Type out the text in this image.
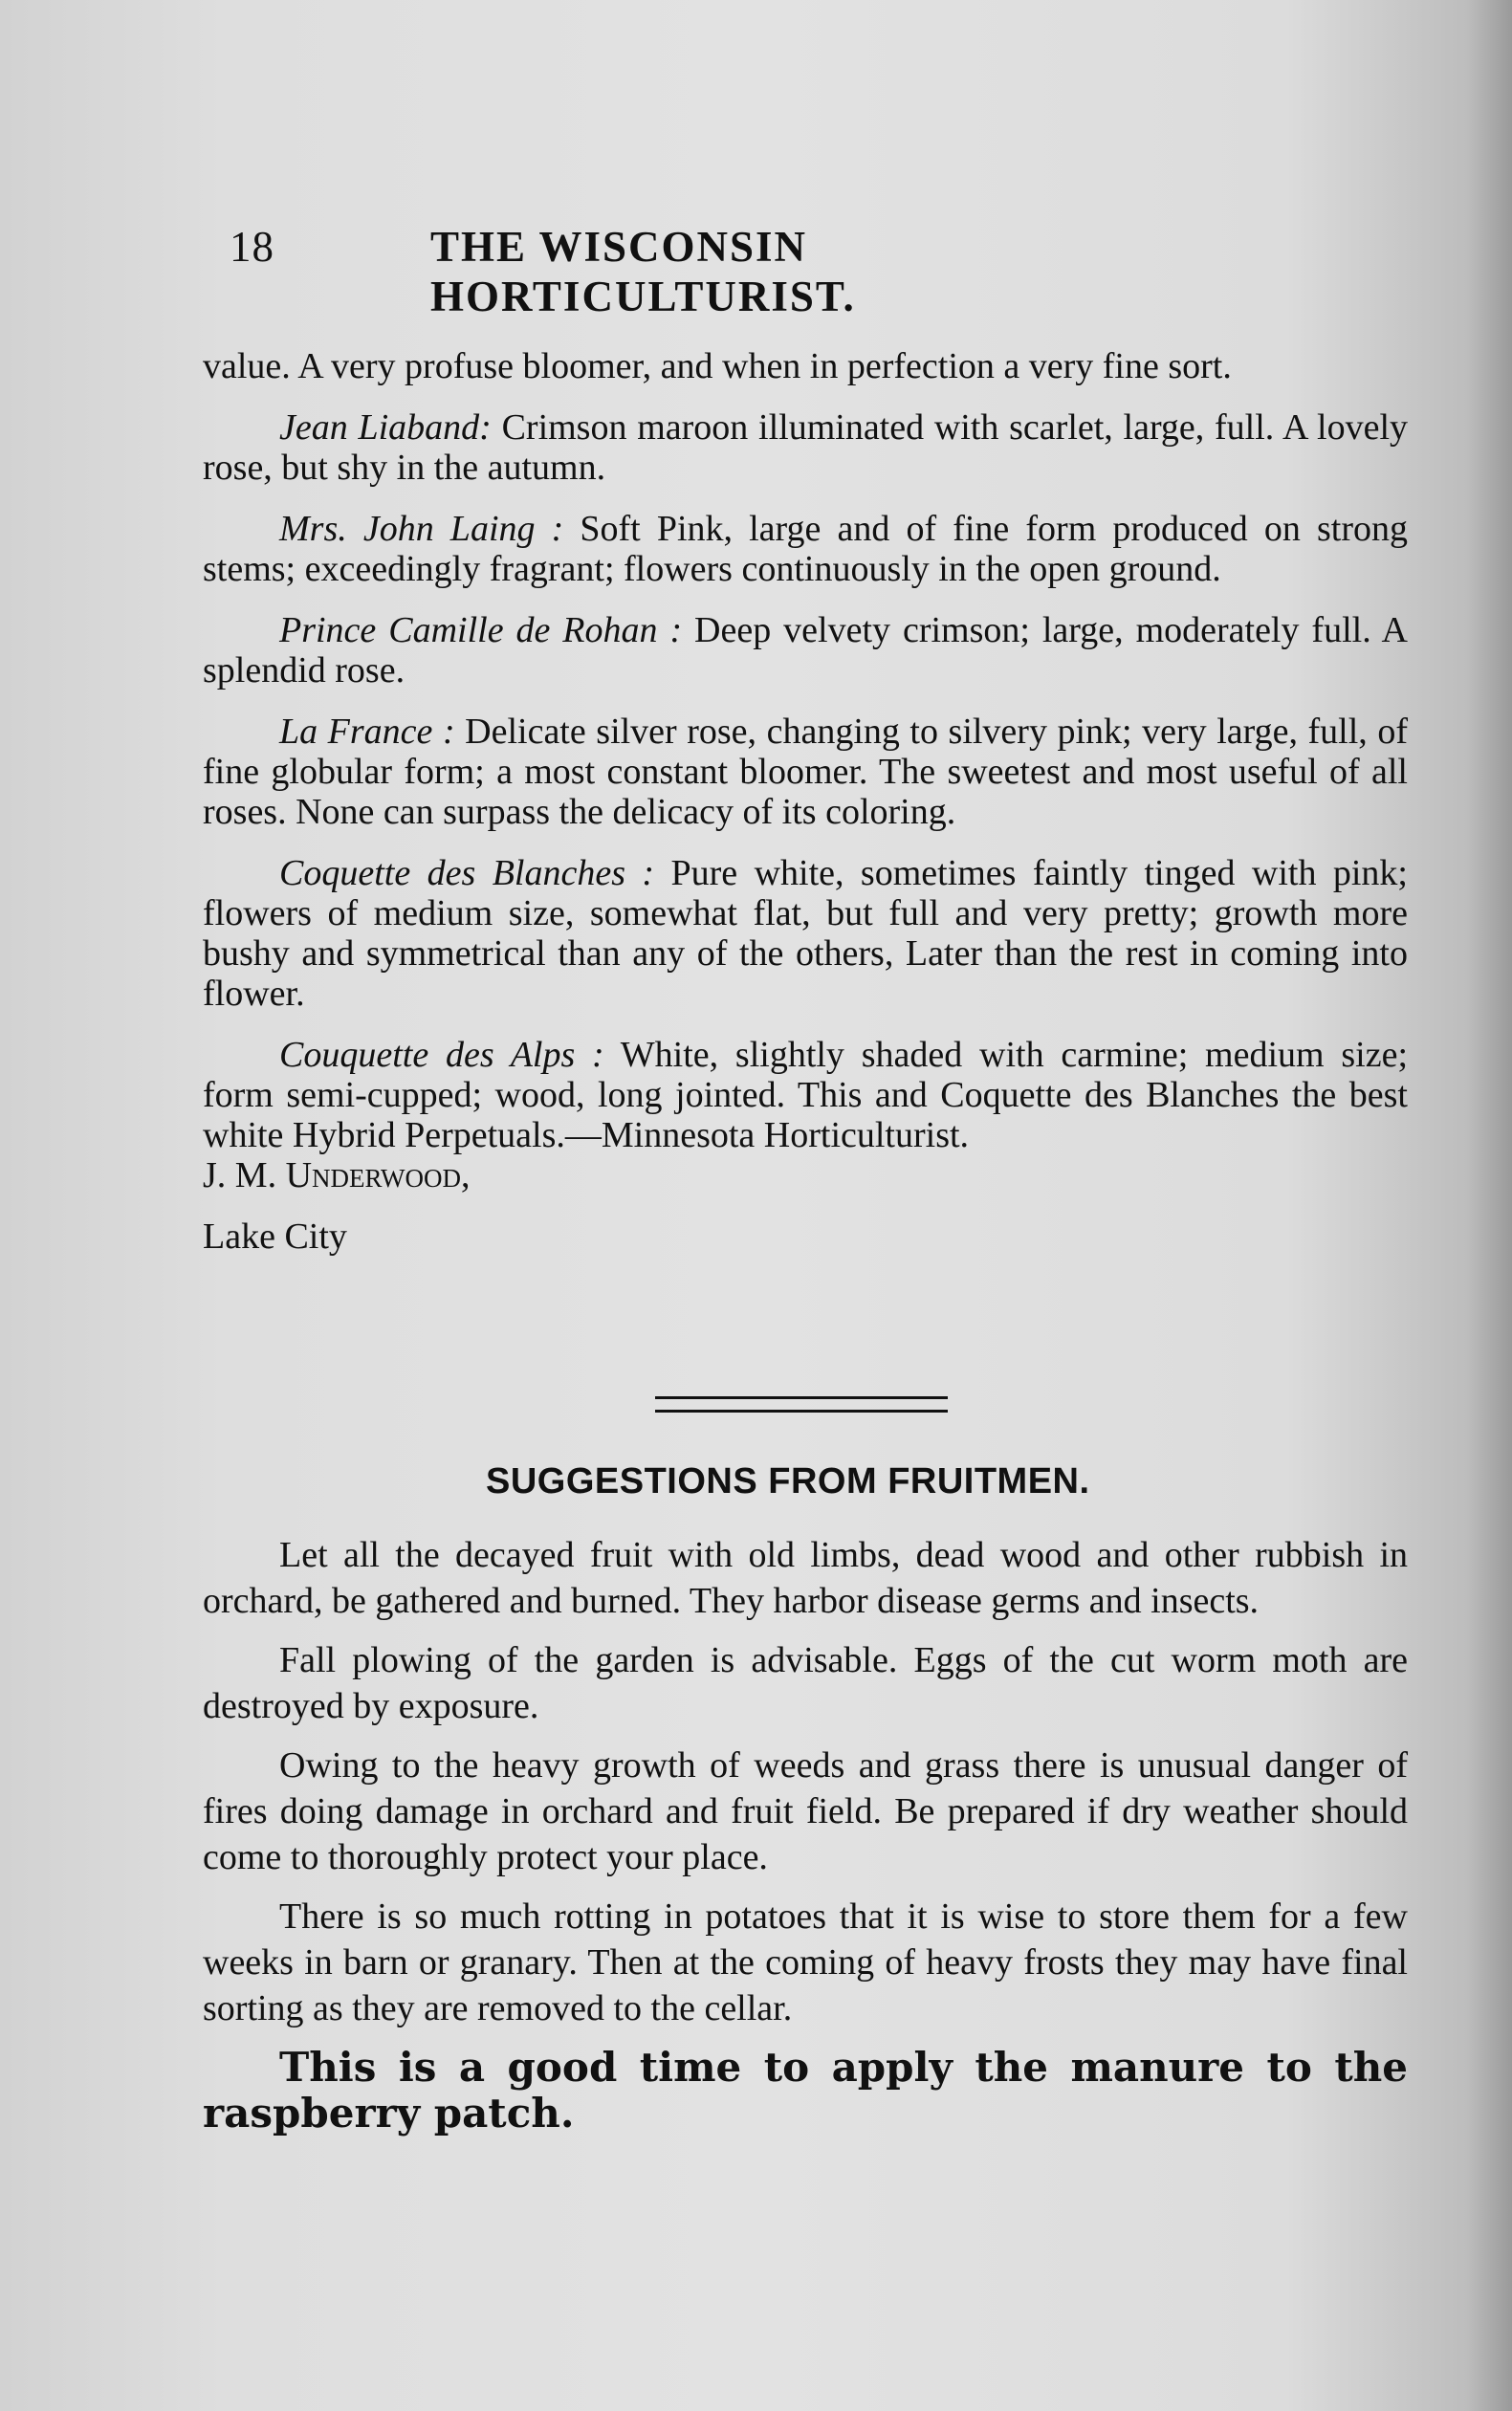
18	THE WISCONSIN HORTICULTURIST.

value. A very profuse bloomer, and when in perfection a very fine sort.

Jean Liaband: Crimson maroon illuminated with scarlet, large, full. A lovely rose, but shy in the autumn.

Mrs. John Laing : Soft Pink, large and of fine form produced on strong stems; exceedingly fragrant; flowers continuously in the open ground.

Prince Camille de Rohan : Deep velvety crimson; large, moderately full. A splendid rose.

La France : Delicate silver rose, changing to silvery pink; very large, full, of fine globular form; a most constant bloomer. The sweetest and most useful of all roses. None can surpass the delicacy of its coloring.

Coquette des Blanches : Pure white, sometimes faintly tinged with pink; flowers of medium size, somewhat flat, but full and very pretty; growth more bushy and symmetrical than any of the others, Later than the rest in coming into flower.

Couquette des Alps : White, slightly shaded with carmine; medium size; form semi-cupped; wood, long jointed. This and Coquette des Blanches the best white Hybrid Perpetuals.—Minnesota Horticulturist.

J. M. Underwood,

Lake City

SUGGESTIONS FROM FRUITMEN.

Let all the decayed fruit with old limbs, dead wood and other rubbish in orchard, be gathered and burned. They harbor disease germs and insects.

Fall plowing of the garden is advisable. Eggs of the cut worm moth are destroyed by exposure.

Owing to the heavy growth of weeds and grass there is unusual danger of fires doing damage in orchard and fruit field. Be prepared if dry weather should come to thoroughly protect your place.

There is so much rotting in potatoes that it is wise to store them for a few weeks in barn or granary. Then at the coming of heavy frosts they may have final sorting as they are removed to the cellar.

This is a good time to apply the manure to the raspberry patch.
